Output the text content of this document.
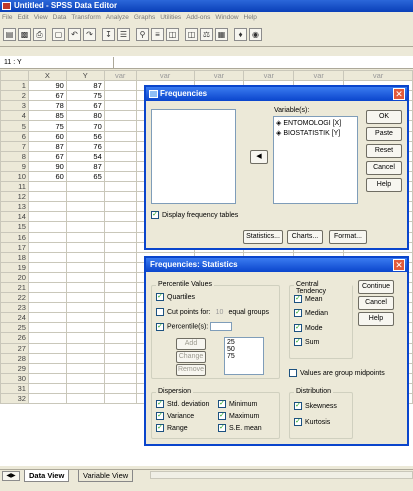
Untitled - SPSS Data Editor
File Edit View Data Transform Analyze Graphs Utilities Add-ons Window Help
▤ ▩	⎙	▢	↶	↷	↧	☰	⚲	≡	◫	◫ ⚖ ▦	♦	◉
11 : Y
	X	Y	var	var	var	var	var	var
1	90	87						
2	67	75						
3	78	67						
4	85	80						
5	75	70						
6	60	56						
7	87	76						
8	67	54						
9	90	87						
10	60	65						
11								
12								
13								
14								
15								
16								
17								
18								
19								
20								
21								
22								
23								
24								
25								
26								
27								
28								
29								
30								
31								
32								
◀▶	Data View	Variable View
Frequencies	✕
◀
Variable(s):
◈ ENTOMOLOGI [X]
◈ BIOSTATISTIK [Y]
OK
Paste
Reset
Cancel
Help
✓ Display frequency tables
Statistics...	Charts...	Format...
Frequencies: Statistics	✕
Percentile Values
✓ Quartiles
Cut points for: 10 equal groups
✓ Percentile(s):
Add
Change
Remove
25
50
75
Central Tendency
✓ Mean
✓ Median
✓ Mode
✓ Sum
Continue
Cancel
Help
Values are group midpoints
Dispersion
✓ Std. deviation
✓ Variance
✓ Range
✓ Minimum
✓ Maximum
✓ S.E. mean
Distribution
✓ Skewness
✓ Kurtosis
